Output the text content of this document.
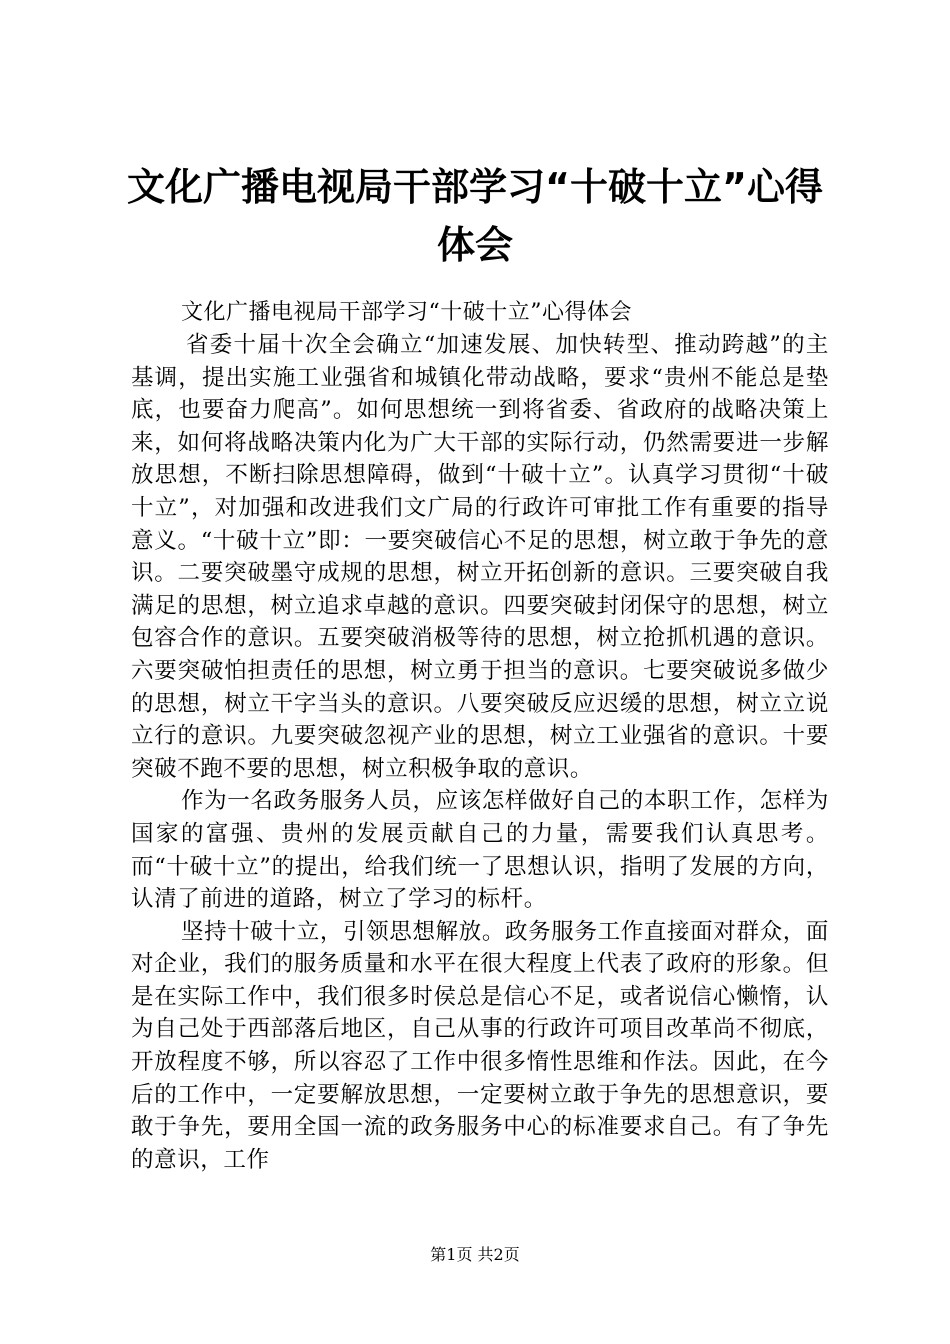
文化广播电视局干部学习“十破十立”心得体会

文化广播电视局干部学习“十破十立”心得体会

省委十届十次全会确立“加速发展、加快转型、推动跨越”的主基调，提出实施工业强省和城镇化带动战略，要求“贵州不能总是垫底，也要奋力爬高”。如何思想统一到将省委、省政府的战略决策上来，如何将战略决策内化为广大干部的实际行动，仍然需要进一步解放思想，不断扫除思想障碍，做到“十破十立”。认真学习贯彻“十破十立”，对加强和改进我们文广局的行政许可审批工作有重要的指导意义。“十破十立”即：一要突破信心不足的思想，树立敢于争先的意识。二要突破墨守成规的思想，树立开拓创新的意识。三要突破自我满足的思想，树立追求卓越的意识。四要突破封闭保守的思想，树立包容合作的意识。五要突破消极等待的思想，树立抢抓机遇的意识。六要突破怕担责任的思想，树立勇于担当的意识。七要突破说多做少的思想，树立干字当头的意识。八要突破反应迟缓的思想，树立立说立行的意识。九要突破忽视产业的思想，树立工业强省的意识。十要突破不跑不要的思想，树立积极争取的意识。

作为一名政务服务人员，应该怎样做好自己的本职工作，怎样为国家的富强、贵州的发展贡献自己的力量，需要我们认真思考。而“十破十立”的提出，给我们统一了思想认识，指明了发展的方向，认清了前进的道路，树立了学习的标杆。

坚持十破十立，引领思想解放。政务服务工作直接面对群众，面对企业，我们的服务质量和水平在很大程度上代表了政府的形象。但是在实际工作中，我们很多时侯总是信心不足，或者说信心懒惰，认为自己处于西部落后地区，自己从事的行政许可项目改革尚不彻底，开放程度不够，所以容忍了工作中很多惰性思维和作法。因此，在今后的工作中，一定要解放思想，一定要树立敢于争先的思想意识，要敢于争先，要用全国一流的政务服务中心的标准要求自己。有了争先的意识，工作

第1页 共2页
